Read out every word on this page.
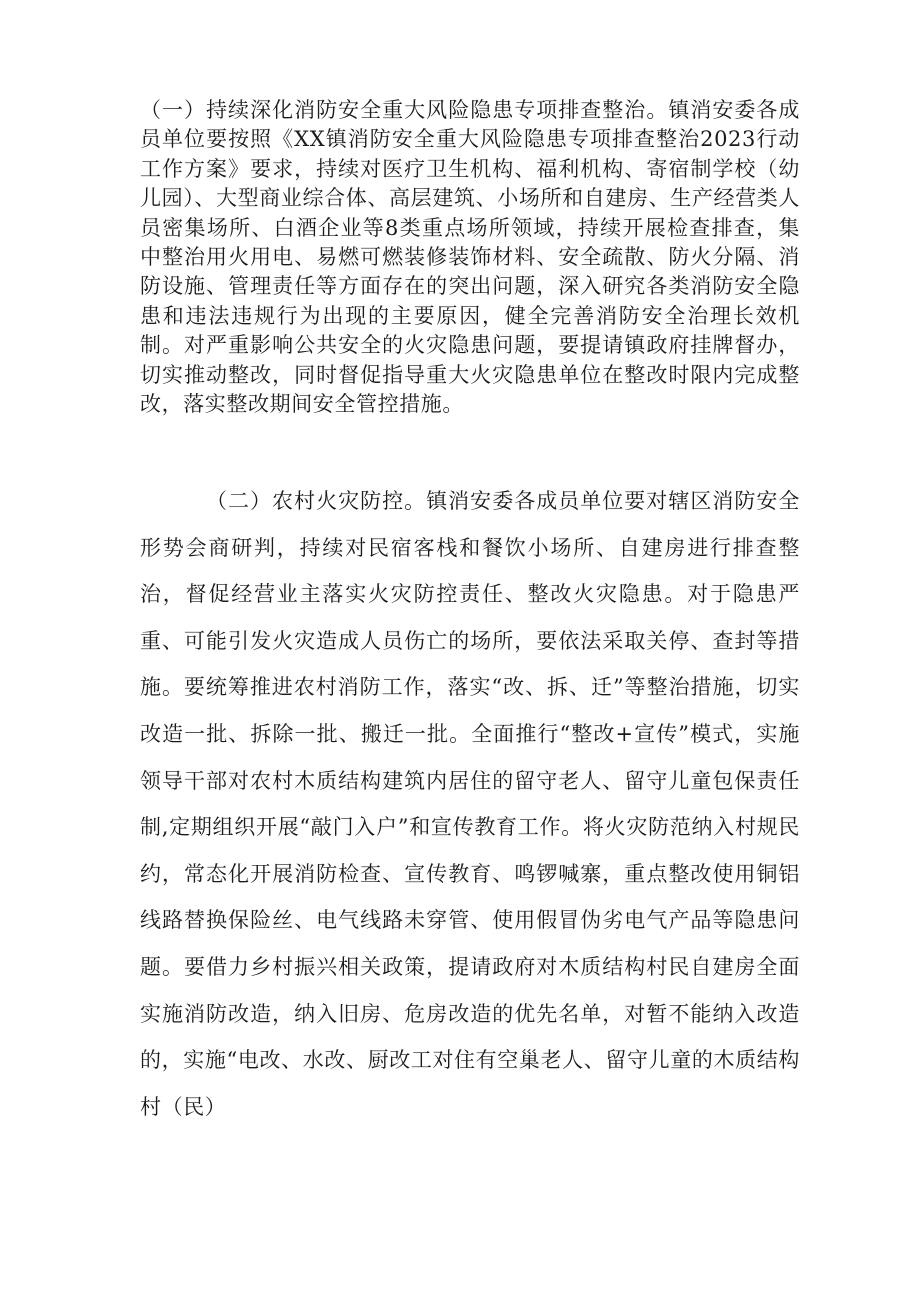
（一）持续深化消防安全重大风险隐患专项排查整治。镇消安委各成员单位要按照《XX镇消防安全重大风险隐患专项排查整治2023行动工作方案》要求，持续对医疗卫生机构、福利机构、寄宿制学校（幼儿园）、大型商业综合体、高层建筑、小场所和自建房、生产经营类人员密集场所、白酒企业等8类重点场所领域，持续开展检查排查，集中整治用火用电、易燃可燃装修装饰材料、安全疏散、防火分隔、消防设施、管理责任等方面存在的突出问题，深入研究各类消防安全隐患和违法违规行为出现的主要原因，健全完善消防安全治理长效机制。对严重影响公共安全的火灾隐患问题，要提请镇政府挂牌督办，切实推动整改，同时督促指导重大火灾隐患单位在整改时限内完成整改，落实整改期间安全管控措施。

（二）农村火灾防控。镇消安委各成员单位要对辖区消防安全形势会商研判，持续对民宿客栈和餐饮小场所、自建房进行排查整治，督促经营业主落实火灾防控责任、整改火灾隐患。对于隐患严重、可能引发火灾造成人员伤亡的场所，要依法采取关停、查封等措施。要统筹推进农村消防工作，落实“改、拆、迁”等整治措施，切实改造一批、拆除一批、搬迁一批。全面推行“整改+宣传”模式，实施领导干部对农村木质结构建筑内居住的留守老人、留守儿童包保责任制,定期组织开展“敲门入户”和宣传教育工作。将火灾防范纳入村规民约，常态化开展消防检查、宣传教育、鸣锣喊寨，重点整改使用铜铝线路替换保险丝、电气线路未穿管、使用假冒伪劣电气产品等隐患问题。要借力乡村振兴相关政策，提请政府对木质结构村民自建房全面实施消防改造，纳入旧房、危房改造的优先名单，对暂不能纳入改造的，实施“电改、水改、厨改工对住有空巢老人、留守儿童的木质结构村（民）
